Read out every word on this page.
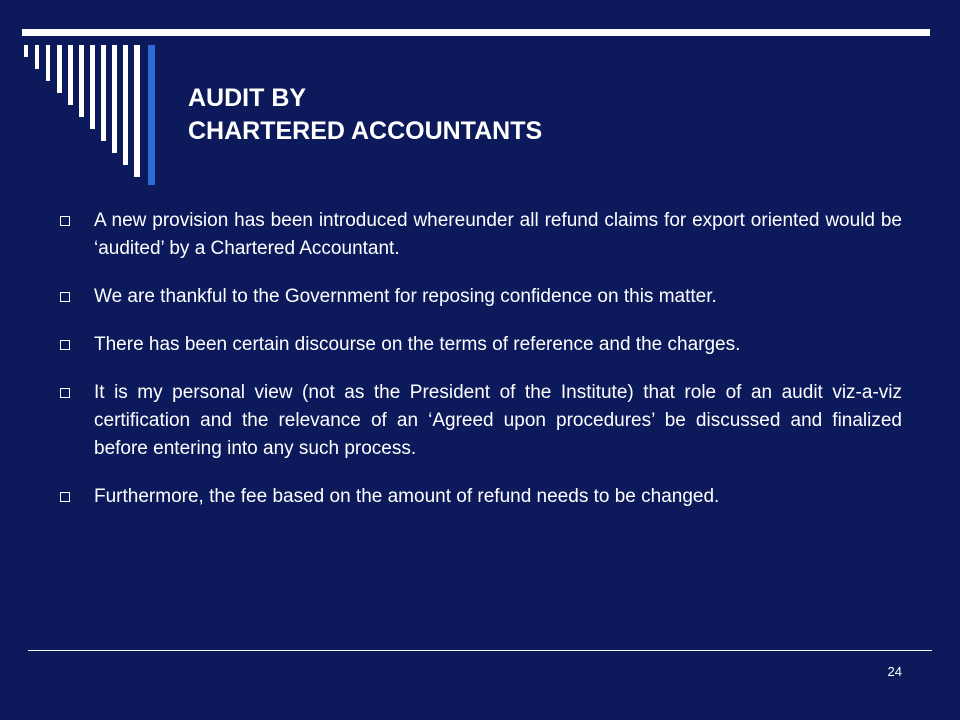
AUDIT BY
CHARTERED ACCOUNTANTS
A new provision has been introduced whereunder all refund claims for export oriented would be ‘audited’ by a Chartered Accountant.
We are thankful to the Government for reposing confidence on this matter.
There has been certain discourse on the terms of reference and the charges.
It is my personal view (not as the President of the Institute) that role of an audit viz-a-viz certification and the relevance of an ‘Agreed upon procedures’ be discussed and finalized before entering into any such process.
Furthermore, the fee based on the amount of refund needs to be changed.
24
